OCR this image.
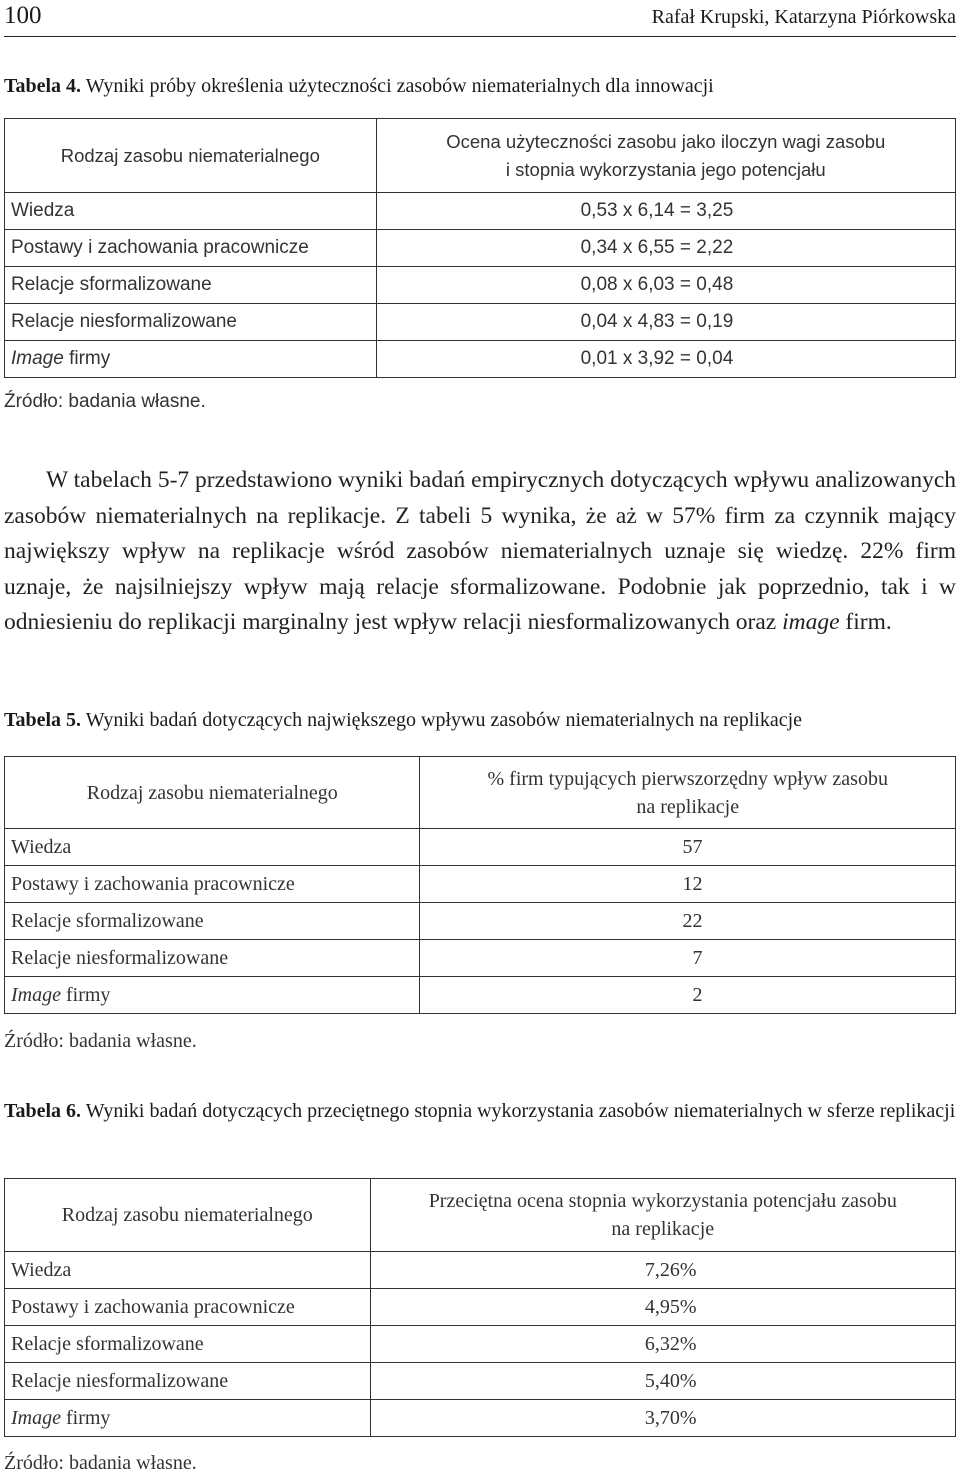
100	Rafał Krupski, Katarzyna Piórkowska
Tabela 4. Wyniki próby określenia użyteczności zasobów niematerialnych dla innowacji
Rodzaj zasobu niematerialnego	Ocena użyteczności zasobu jako iloczyn wagi zasobu
i stopnia wykorzystania jego potencjału

Wiedza	0,53 x 6,14 = 3,25
Postawy i zachowania pracownicze	0,34 x 6,55 = 2,22
Relacje sformalizowane	0,08 x 6,03 = 0,48
Relacje niesformalizowane	0,04 x 4,83 = 0,19
Image firmy	0,01 x 3,92 = 0,04
Źródło: badania własne.
W tabelach 5-7 przedstawiono wyniki badań empirycznych dotyczących wpływu analizowanych zasobów niematerialnych na replikacje. Z tabeli 5 wynika, że aż w 57% firm za czynnik mający największy wpływ na replikacje wśród zasobów niematerialnych uznaje się wiedzę. 22% firm uznaje, że najsilniejszy wpływ mają relacje sformalizowane. Podobnie jak poprzednio, tak i w odniesieniu do replikacji marginalny jest wpływ relacji niesformalizowanych oraz image firm.
Tabela 5. Wyniki badań dotyczących największego wpływu zasobów niematerialnych na replikacje
Rodzaj zasobu niematerialnego	% firm typujących pierwszorzędny wpływ zasobu
na replikacje

Wiedza	57
Postawy i zachowania pracownicze	12
Relacje sformalizowane	22
Relacje niesformalizowane	7
Image firmy	2
Źródło: badania własne.
Tabela 6. Wyniki badań dotyczących przeciętnego stopnia wykorzystania zasobów niematerialnych w sferze replikacji
Rodzaj zasobu niematerialnego	Przeciętna ocena stopnia wykorzystania potencjału zasobu
na replikacje

Wiedza	7,26%
Postawy i zachowania pracownicze	4,95%
Relacje sformalizowane	6,32%
Relacje niesformalizowane	5,40%
Image firmy	3,70%
Źródło: badania własne.
